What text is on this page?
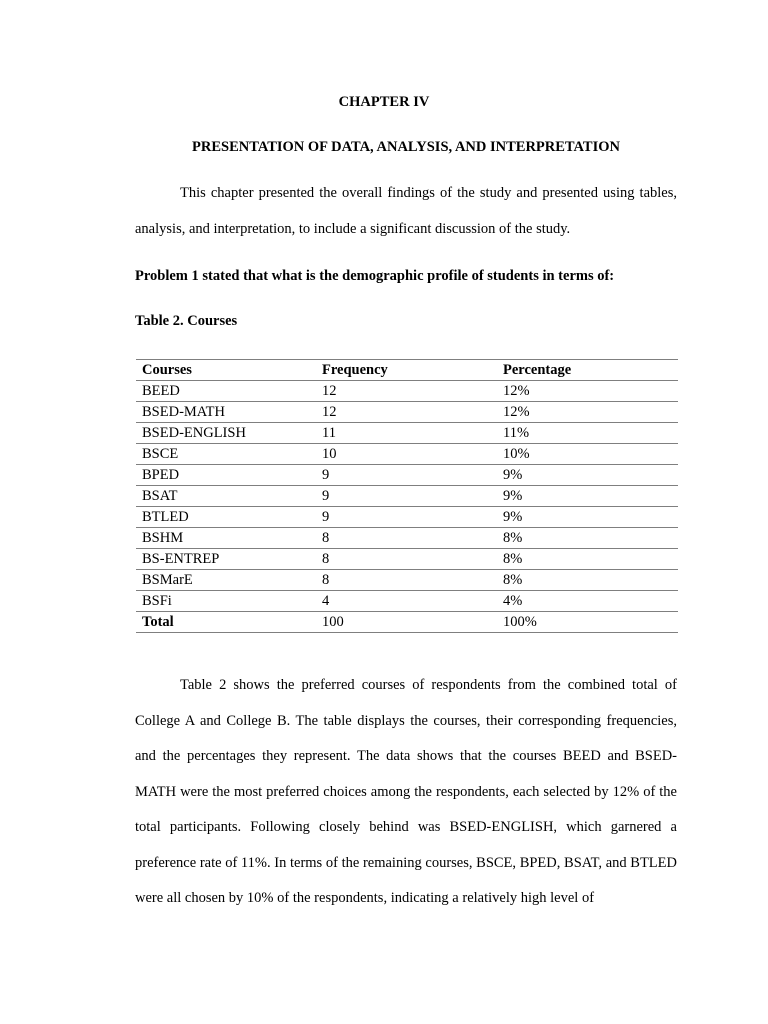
CHAPTER IV
PRESENTATION OF DATA, ANALYSIS, AND INTERPRETATION

This chapter presented the overall findings of the study and presented using tables, analysis, and interpretation, to include a significant discussion of the study.

Problem 1 stated that what is the demographic profile of students in terms of:
Table 2. Courses
Courses	Frequency	Percentage
BEED	12	12%
BSED-MATH	12	12%
BSED-ENGLISH	11	11%
BSCE	10	10%
BPED	9	9%
BSAT	9	9%
BTLED	9	9%
BSHM	8	8%
BS-ENTREP	8	8%
BSMarE	8	8%
BSFi	4	4%
Total	100	100%

Table 2 shows the preferred courses of respondents from the combined total of College A and College B. The table displays the courses, their corresponding frequencies, and the percentages they represent. The data shows that the courses BEED and BSED-MATH were the most preferred choices among the respondents, each selected by 12% of the total participants. Following closely behind was BSED-ENGLISH, which garnered a preference rate of 11%. In terms of the remaining courses, BSCE, BPED, BSAT, and BTLED were all chosen by 10% of the respondents, indicating a relatively high level of
